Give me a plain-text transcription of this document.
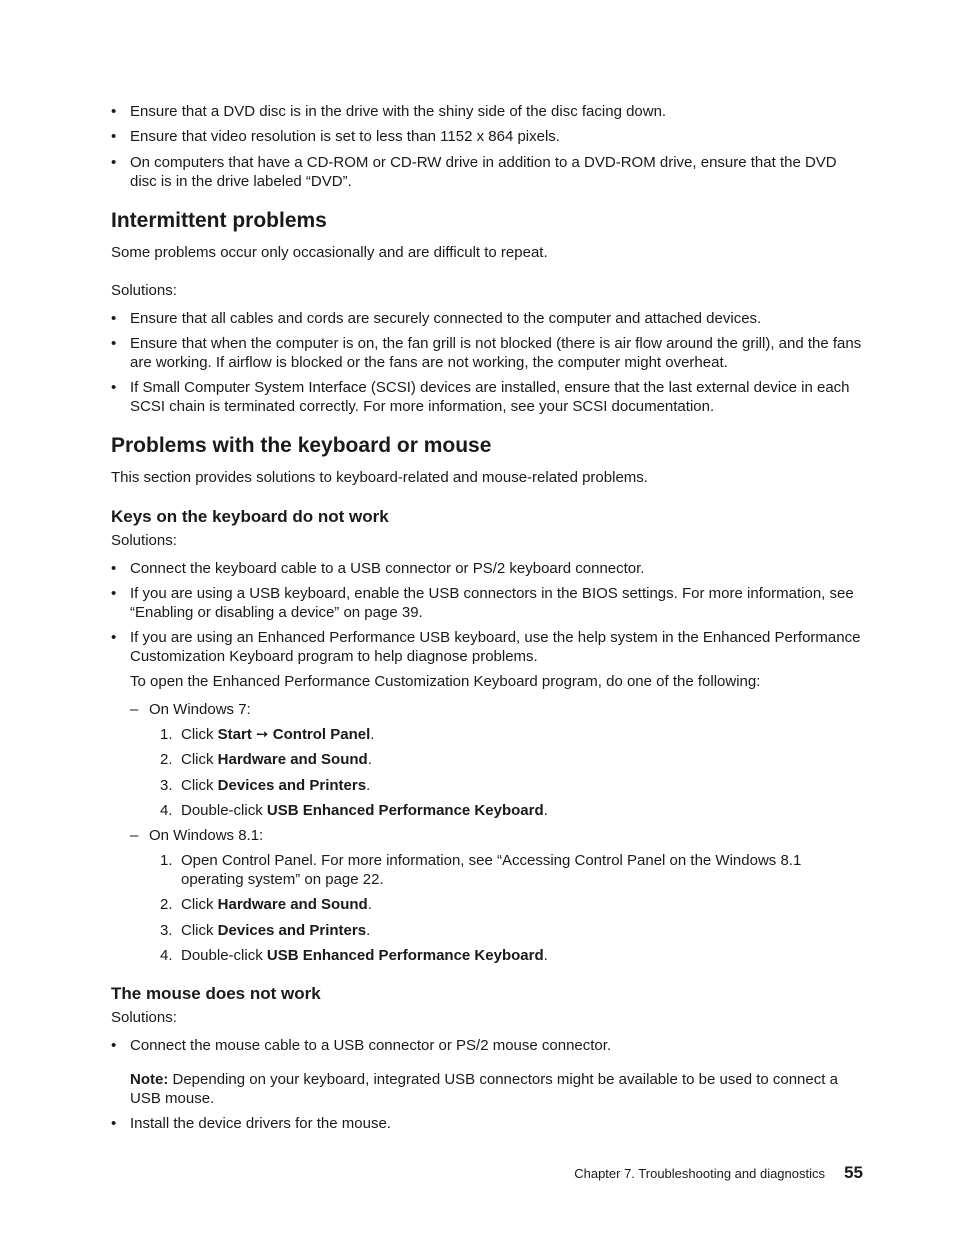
• Ensure that a DVD disc is in the drive with the shiny side of the disc facing down.
• Ensure that video resolution is set to less than 1152 x 864 pixels.
• On computers that have a CD-ROM or CD-RW drive in addition to a DVD-ROM drive, ensure that the DVD disc is in the drive labeled “DVD”.
Intermittent problems

Some problems occur only occasionally and are difficult to repeat.

Solutions:

• Ensure that all cables and cords are securely connected to the computer and attached devices.
• Ensure that when the computer is on, the fan grill is not blocked (there is air flow around the grill), and the fans are working. If airflow is blocked or the fans are not working, the computer might overheat.
• If Small Computer System Interface (SCSI) devices are installed, ensure that the last external device in each SCSI chain is terminated correctly. For more information, see your SCSI documentation.
Problems with the keyboard or mouse

This section provides solutions to keyboard-related and mouse-related problems.

Keys on the keyboard do not work

Solutions:

• Connect the keyboard cable to a USB connector or PS/2 keyboard connector.
• If you are using a USB keyboard, enable the USB connectors in the BIOS settings. For more information, see “Enabling or disabling a device” on page 39.
• If you are using an Enhanced Performance USB keyboard, use the help system in the Enhanced Performance Customization Keyboard program to help diagnose problems.

To open the Enhanced Performance Customization Keyboard program, do one of the following:

– On Windows 7:
1. Click Start ➙ Control Panel.
2. Click Hardware and Sound.
3. Click Devices and Printers.
4. Double-click USB Enhanced Performance Keyboard.
– On Windows 8.1:
1. Open Control Panel. For more information, see “Accessing Control Panel on the Windows 8.1 operating system” on page 22.
2. Click Hardware and Sound.
3. Click Devices and Printers.
4. Double-click USB Enhanced Performance Keyboard.
The mouse does not work

Solutions:

• Connect the mouse cable to a USB connector or PS/2 mouse connector.

Note: Depending on your keyboard, integrated USB connectors might be available to be used to connect a USB mouse.

• Install the device drivers for the mouse.
Chapter 7. Troubleshooting and diagnostics 55
